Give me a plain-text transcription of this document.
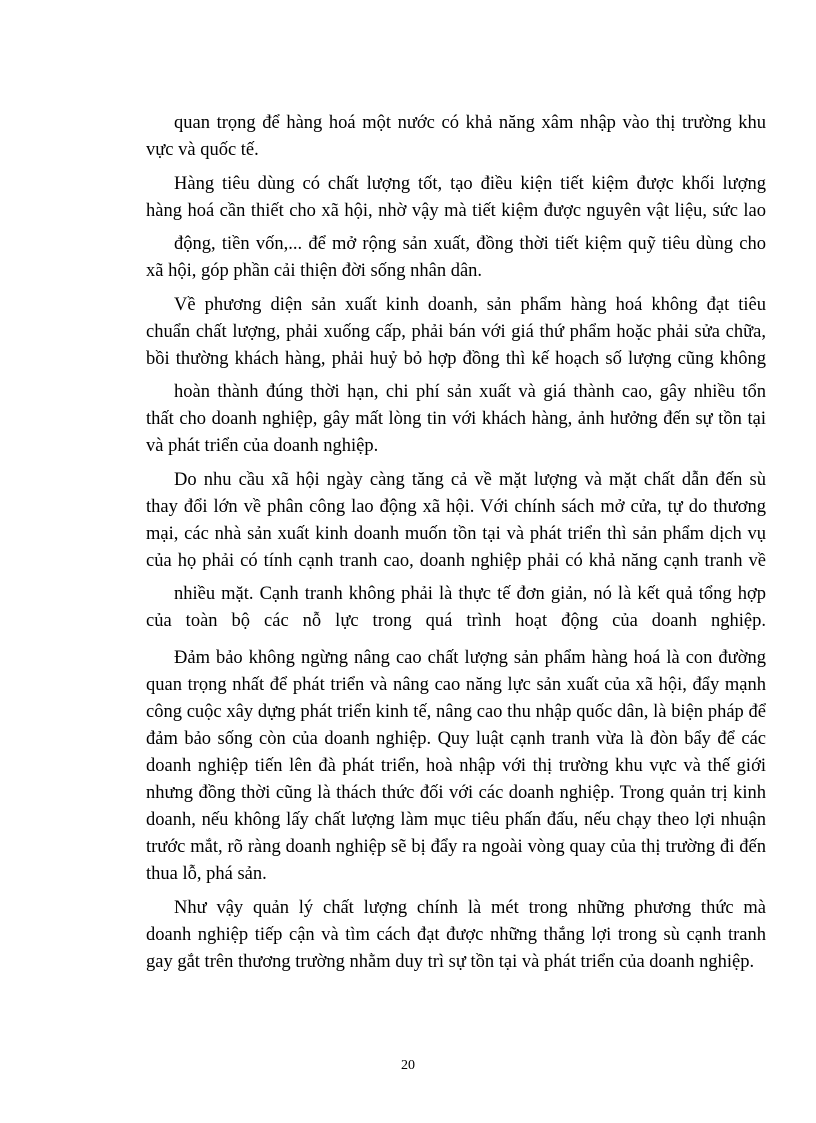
quan trọng để hàng hoá một nước có khả năng xâm nhập vào thị trường khu
vực và quốc tế.
Hàng tiêu dùng có chất lượng tốt, tạo điều kiện tiết kiệm được khối lượng
hàng hoá cần thiết cho xã hội, nhờ vậy mà tiết kiệm được nguyên vật liệu, sức lao
động, tiền vốn,... để mở rộng sản xuất, đồng thời tiết kiệm quỹ tiêu dùng cho
xã hội, góp phần cải thiện đời sống nhân dân.
Về phương diện sản xuất kinh doanh, sản phẩm hàng hoá không đạt tiêu
chuẩn chất lượng, phải xuống cấp, phải bán với giá thứ phẩm hoặc phải sửa chữa,
bồi thường khách hàng, phải huỷ bỏ hợp đồng thì kế hoạch số lượng cũng không
hoàn thành đúng thời hạn, chi phí sản xuất và giá thành cao, gây nhiều tổn
thất cho doanh nghiệp, gây mất lòng tin với khách hàng, ảnh hưởng đến sự tồn tại
và phát triển của doanh nghiệp.
Do nhu cầu xã hội ngày càng tăng cả về mặt lượng và mặt chất dẫn đến sù
thay đổi lớn về phân công lao động xã hội. Với chính sách mở cửa, tự do thương
mại, các nhà sản xuất kinh doanh muốn tồn tại và phát triển thì sản phẩm dịch vụ
của họ phải có tính cạnh tranh cao, doanh nghiệp phải có khả năng cạnh tranh về
nhiều mặt. Cạnh tranh không phải là thực tế đơn giản, nó là kết quả tổng hợp
của toàn bộ các nỗ lực trong quá trình hoạt động của doanh nghiệp.
Đảm bảo không ngừng nâng cao chất lượng sản phẩm hàng hoá là con đường
quan trọng nhất để phát triển và nâng cao năng lực sản xuất của xã hội, đẩy mạnh
công cuộc xây dựng phát triển kinh tế, nâng cao thu nhập quốc dân, là biện pháp để
đảm bảo sống còn của doanh nghiệp. Quy luật cạnh tranh vừa là đòn bẩy để các
doanh nghiệp tiến lên đà phát triển, hoà nhập với thị trường khu vực và thế giới
nhưng đồng thời cũng là thách thức đối với các doanh nghiệp. Trong quản trị kinh
doanh, nếu không lấy chất lượng làm mục tiêu phấn đấu, nếu chạy theo lợi nhuận
trước mắt, rõ ràng doanh nghiệp sẽ bị đẩy ra ngoài vòng quay của thị trường đi đến
thua lỗ, phá sản.
Như vậy quản lý chất lượng chính là mét trong những phương thức mà
doanh nghiệp tiếp cận và tìm cách đạt được những thắng lợi trong sù cạnh tranh
gay gắt trên thương trường nhằm duy trì sự tồn tại và phát triển của doanh nghiệp.
20
